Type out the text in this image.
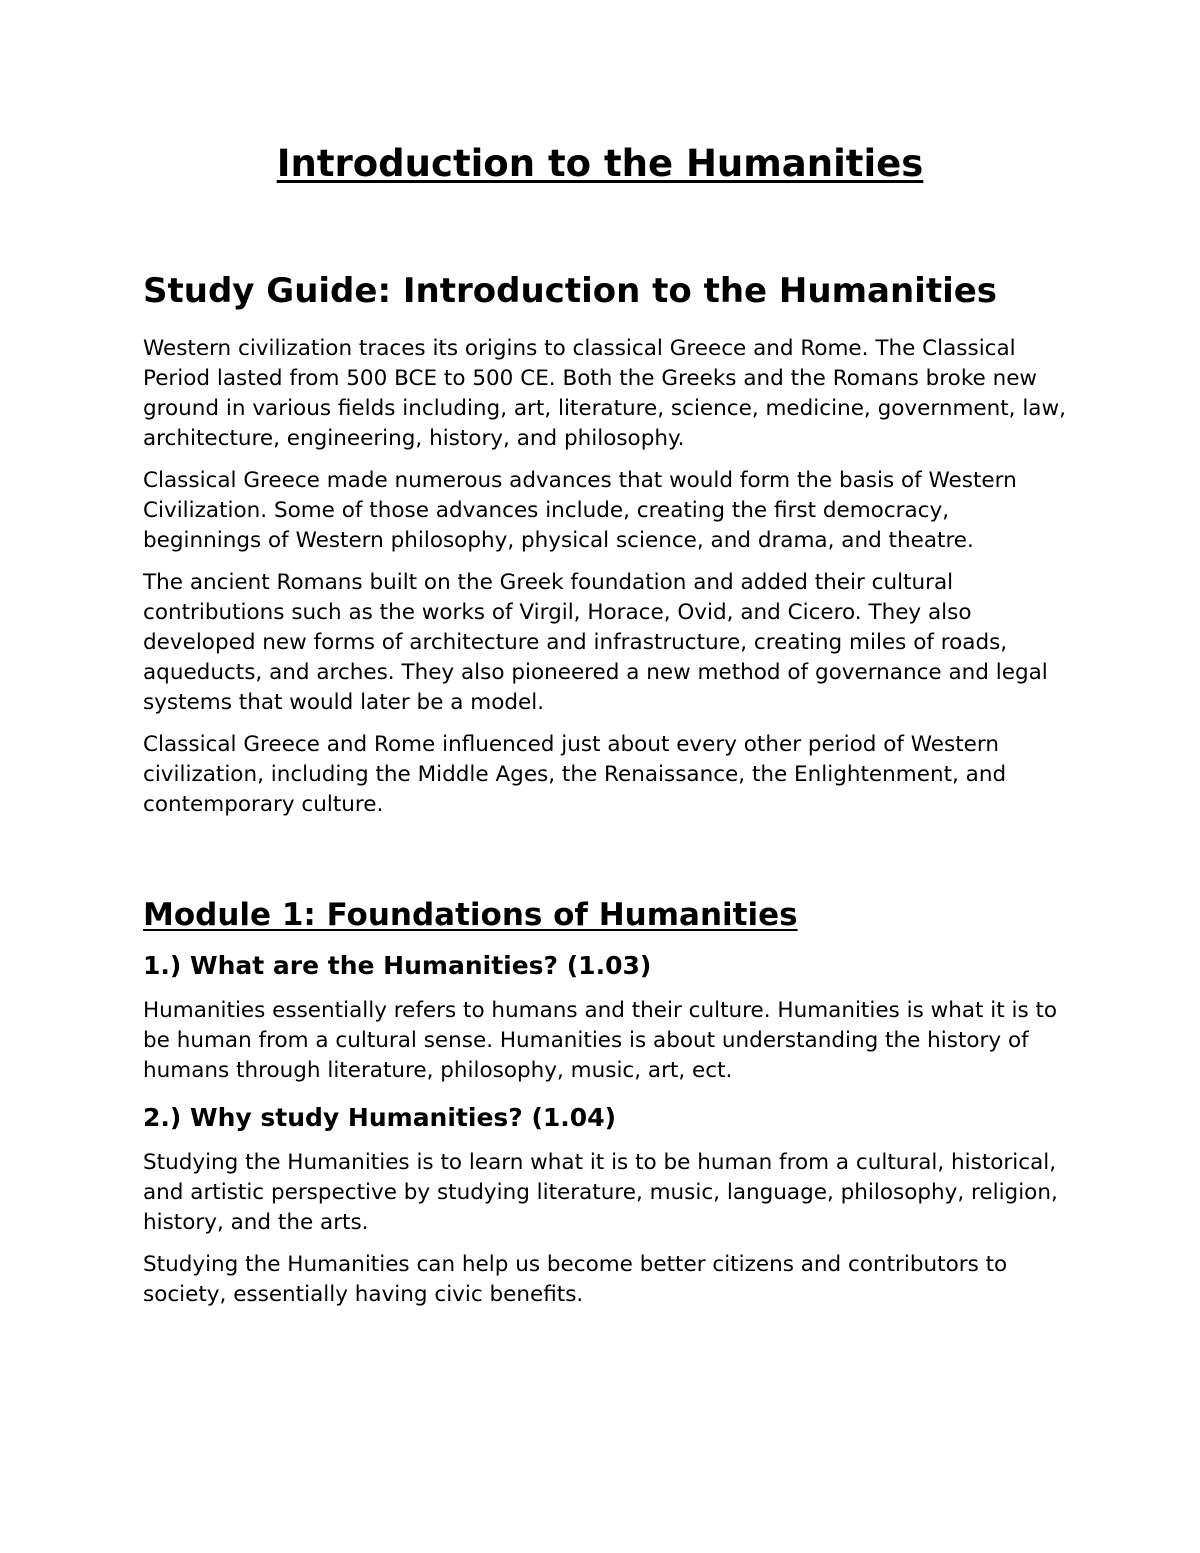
Introduction to the Humanities
Study Guide: Introduction to the Humanities

Western civilization traces its origins to classical Greece and Rome. The Classical Period lasted from 500 BCE to 500 CE. Both the Greeks and the Romans broke new ground in various fields including, art, literature, science, medicine, government, law, architecture, engineering, history, and philosophy.

Classical Greece made numerous advances that would form the basis of Western Civilization. Some of those advances include, creating the first democracy, beginnings of Western philosophy, physical science, and drama, and theatre.

The ancient Romans built on the Greek foundation and added their cultural contributions such as the works of Virgil, Horace, Ovid, and Cicero. They also developed new forms of architecture and infrastructure, creating miles of roads, aqueducts, and arches. They also pioneered a new method of governance and legal systems that would later be a model.

Classical Greece and Rome influenced just about every other period of Western civilization, including the Middle Ages, the Renaissance, the Enlightenment, and contemporary culture.

Module 1: Foundations of Humanities
1.) What are the Humanities? (1.03)

Humanities essentially refers to humans and their culture. Humanities is what it is to be human from a cultural sense. Humanities is about understanding the history of humans through literature, philosophy, music, art, ect.

2.) Why study Humanities? (1.04)

Studying the Humanities is to learn what it is to be human from a cultural, historical, and artistic perspective by studying literature, music, language, philosophy, religion, history, and the arts.

Studying the Humanities can help us become better citizens and contributors to society, essentially having civic benefits.
